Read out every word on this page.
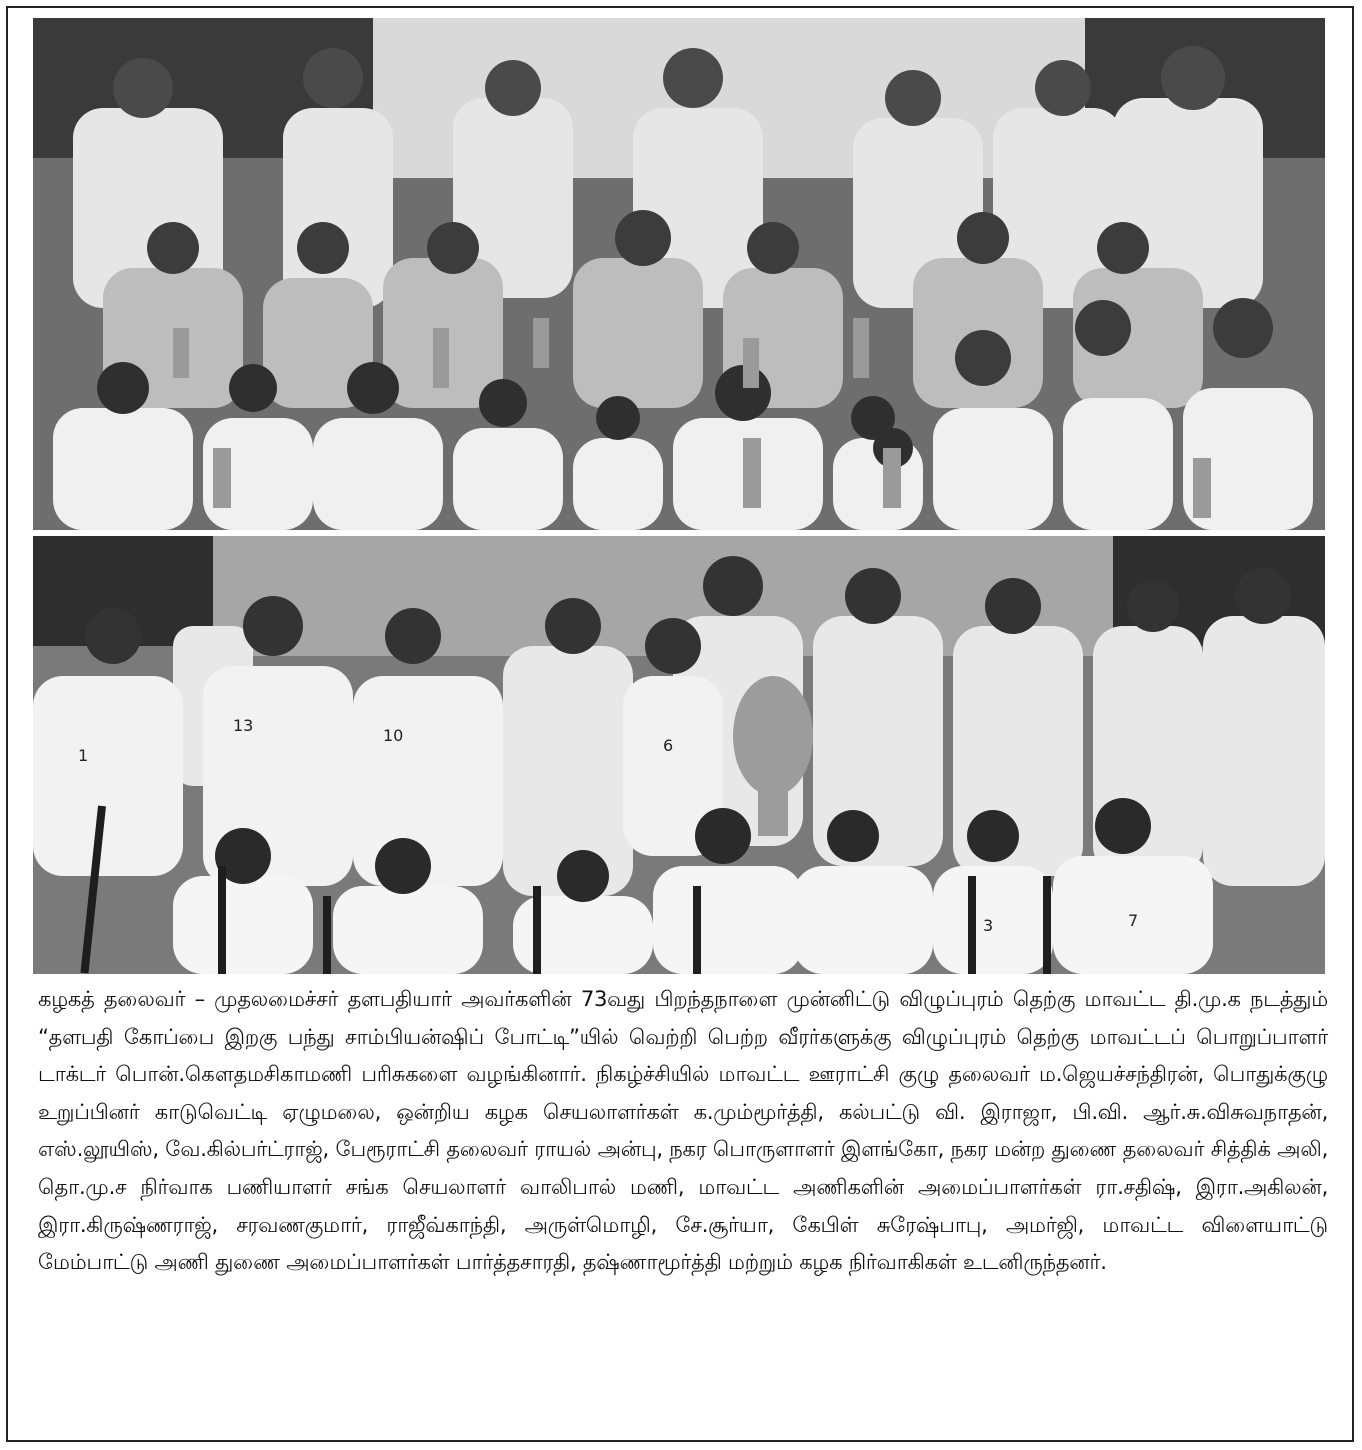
1
13
10
6
3	7

கழகத் தலைவர் – முதலமைச்சர் தளபதியார் அவர்களின் 73வது பிறந்தநாளை முன்னிட்டு விழுப்புரம் தெற்கு மாவட்ட தி.மு.க நடத்தும் “தளபதி கோப்பை இறகு பந்து சாம்பியன்ஷிப் போட்டி”யில் வெற்றி பெற்ற வீரர்களுக்கு விழுப்புரம் தெற்கு மாவட்டப் பொறுப்பாளர் டாக்டர் பொன்.கௌதமசிகாமணி பரிசுகளை வழங்கினார். நிகழ்ச்சியில் மாவட்ட ஊராட்சி குழு தலைவர் ம.ஜெயச்சந்திரன், பொதுக்குழு உறுப்பினர் காடுவெட்டி ஏழுமலை, ஒன்றிய கழக செயலாளர்கள் க.மும்மூர்த்தி, கல்பட்டு வி. இராஜா, பி.வி. ஆர்.சு.விசுவநாதன், எஸ்.லூயிஸ், வே.கில்பர்ட்ராஜ், பேரூராட்சி தலைவர் ராயல் அன்பு, நகர பொருளாளர் இளங்கோ, நகர மன்ற துணை தலைவர் சித்திக் அலி, தொ.மு.ச நிர்வாக பணியாளர் சங்க செயலாளர் வாலிபால் மணி, மாவட்ட அணிகளின் அமைப்பாளர்கள் ரா.சதிஷ், இரா.அகிலன், இரா.கிருஷ்ணராஜ், சரவணகுமார், ராஜீவ்காந்தி, அருள்மொழி, சே.சூர்யா, கேபிள் சுரேஷ்பாபு, அமர்ஜி, மாவட்ட விளையாட்டு மேம்பாட்டு அணி துணை அமைப்பாளர்கள் பார்த்தசாரதி, தஷ்ணாமூர்த்தி மற்றும் கழக நிர்வாகிகள் உடனிருந்தனர்.
